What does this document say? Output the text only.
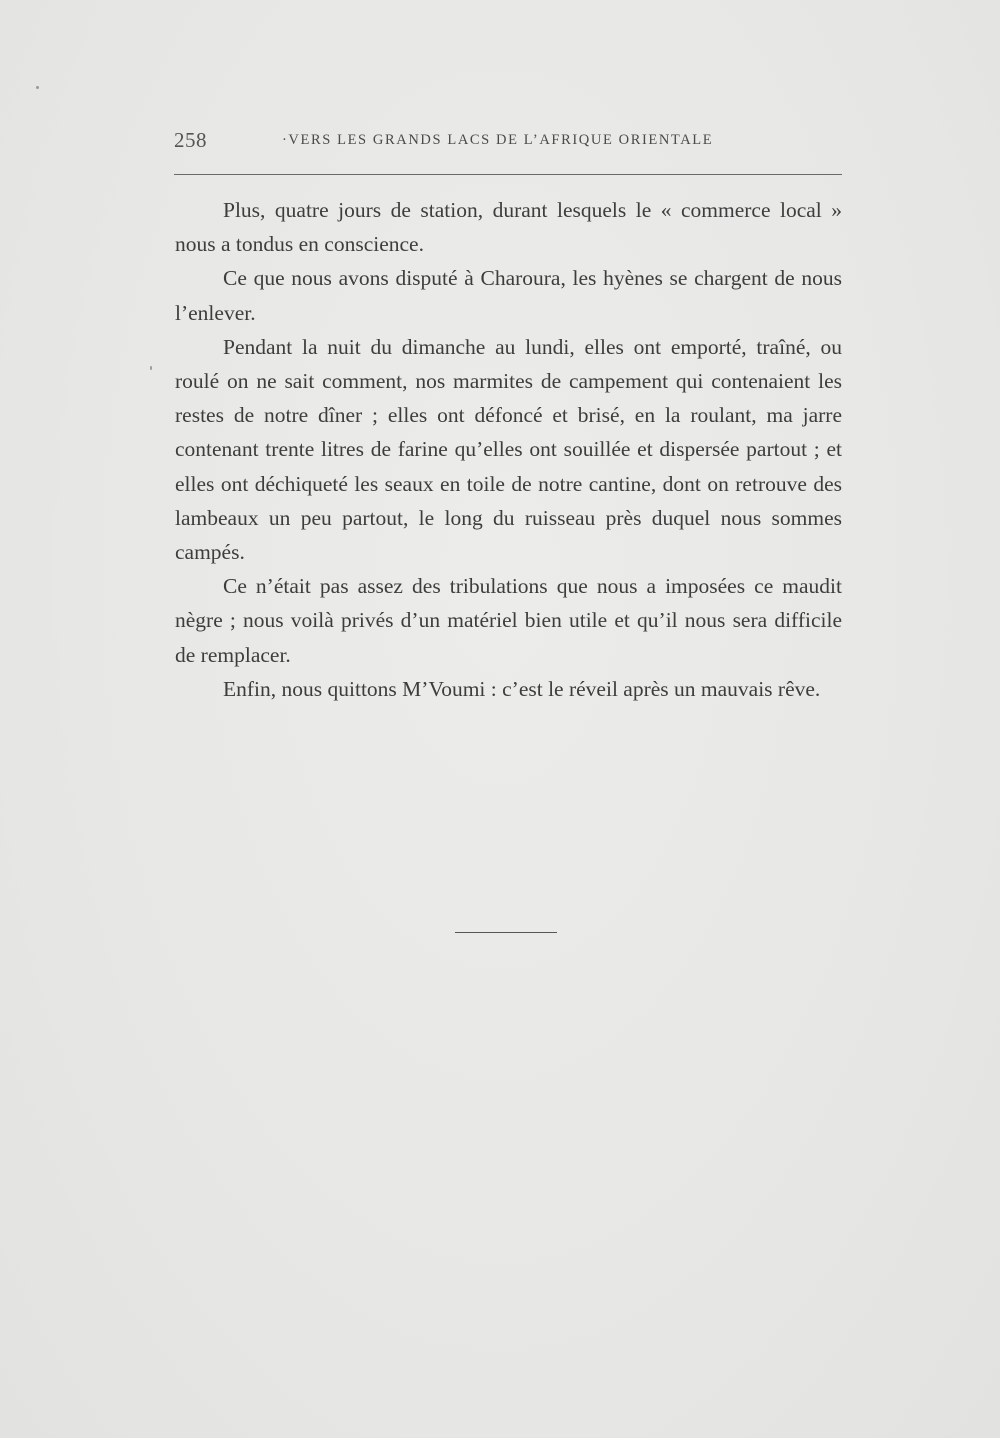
258	·VERS LES GRANDS LACS DE L’AFRIQUE ORIENTALE

Plus, quatre jours de station, durant lesquels le « commerce local » nous a tondus en conscience.

Ce que nous avons disputé à Charoura, les hyènes se chargent de nous l’enlever.

Pendant la nuit du dimanche au lundi, elles ont emporté, traîné, ou roulé on ne sait comment, nos marmites de campement qui contenaient les restes de notre dîner ; elles ont défoncé et brisé, en la roulant, ma jarre contenant trente litres de farine qu’elles ont souillée et dispersée partout ; et elles ont déchiqueté les seaux en toile de notre cantine, dont on retrouve des lambeaux un peu partout, le long du ruisseau près duquel nous sommes campés.

Ce n’était pas assez des tribulations que nous a imposées ce maudit nègre ; nous voilà privés d’un matériel bien utile et qu’il nous sera difficile de remplacer.

Enfin, nous quittons M’Voumi : c’est le réveil après un mauvais rêve.
